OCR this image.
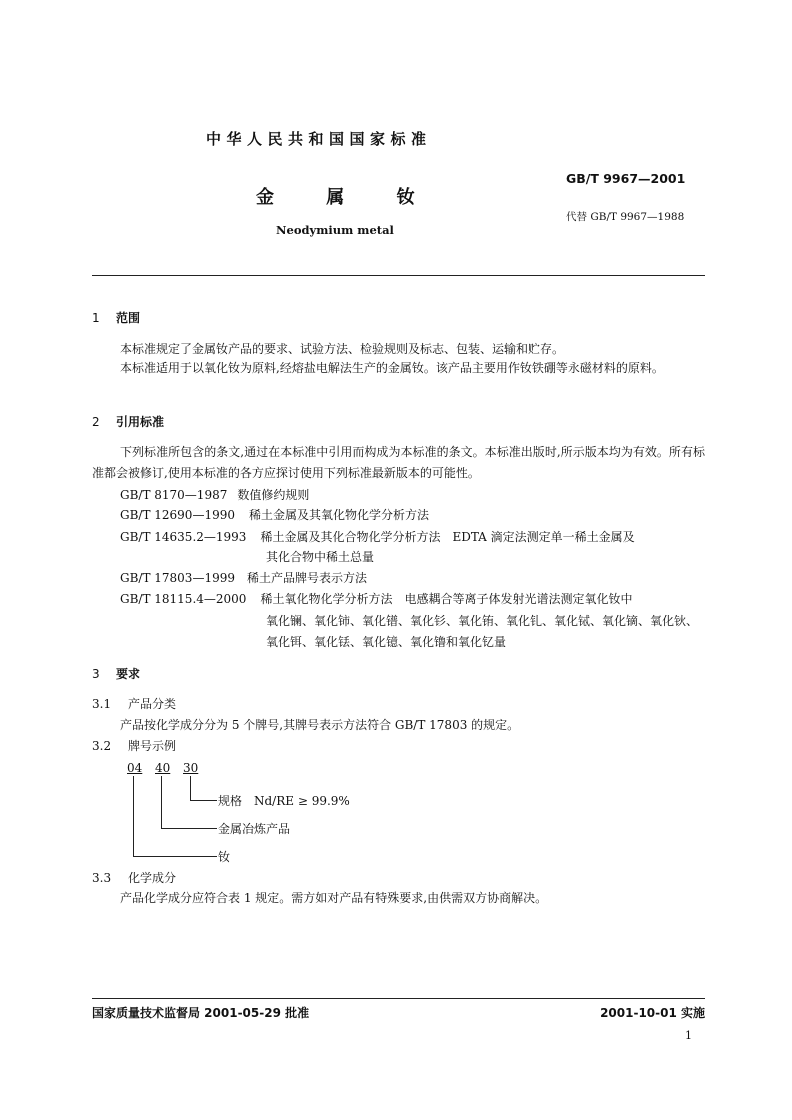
中华人民共和国国家标准
金	属	钕
Neodymium metal
GB/T 9967—2001
代替 GB/T 9967—1988
1 范围
本标准规定了金属钕产品的要求、试验方法、检验规则及标志、包装、运输和贮存。
本标准适用于以氧化钕为原料,经熔盐电解法生产的金属钕。该产品主要用作钕铁硼等永磁材料的原料。
2 引用标准
下列标准所包含的条文,通过在本标准中引用而构成为本标准的条文。本标准出版时,所示版本均为有效。所有标准都会被修订,使用本标准的各方应探讨使用下列标准最新版本的可能性。
GB/T 8170—1987 数值修约规则
GB/T 12690—1990 稀土金属及其氧化物化学分析方法
GB/T 14635.2—1993 稀土金属及其化合物化学分析方法　EDTA 滴定法测定单一稀土金属及
其化合物中稀土总量
GB/T 17803—1999 稀土产品牌号表示方法
GB/T 18115.4—2000 稀土氧化物化学分析方法　电感耦合等离子体发射光谱法测定氧化钕中
氧化镧、氧化铈、氧化镨、氧化钐、氧化铕、氧化钆、氧化铽、氧化镝、氧化钬、
氧化铒、氧化铥、氧化镱、氧化镥和氧化钇量
3 要求
3.1 产品分类
产品按化学成分分为 5 个牌号,其牌号表示方法符合 GB/T 17803 的规定。
3.2 牌号示例
04 40 30
规格　Nd/RE ≥ 99.9%
金属冶炼产品
钕
3.3 化学成分
产品化学成分应符合表 1 规定。需方如对产品有特殊要求,由供需双方协商解决。
国家质量技术监督局 2001-05-29 批准	2001-10-01 实施
1
